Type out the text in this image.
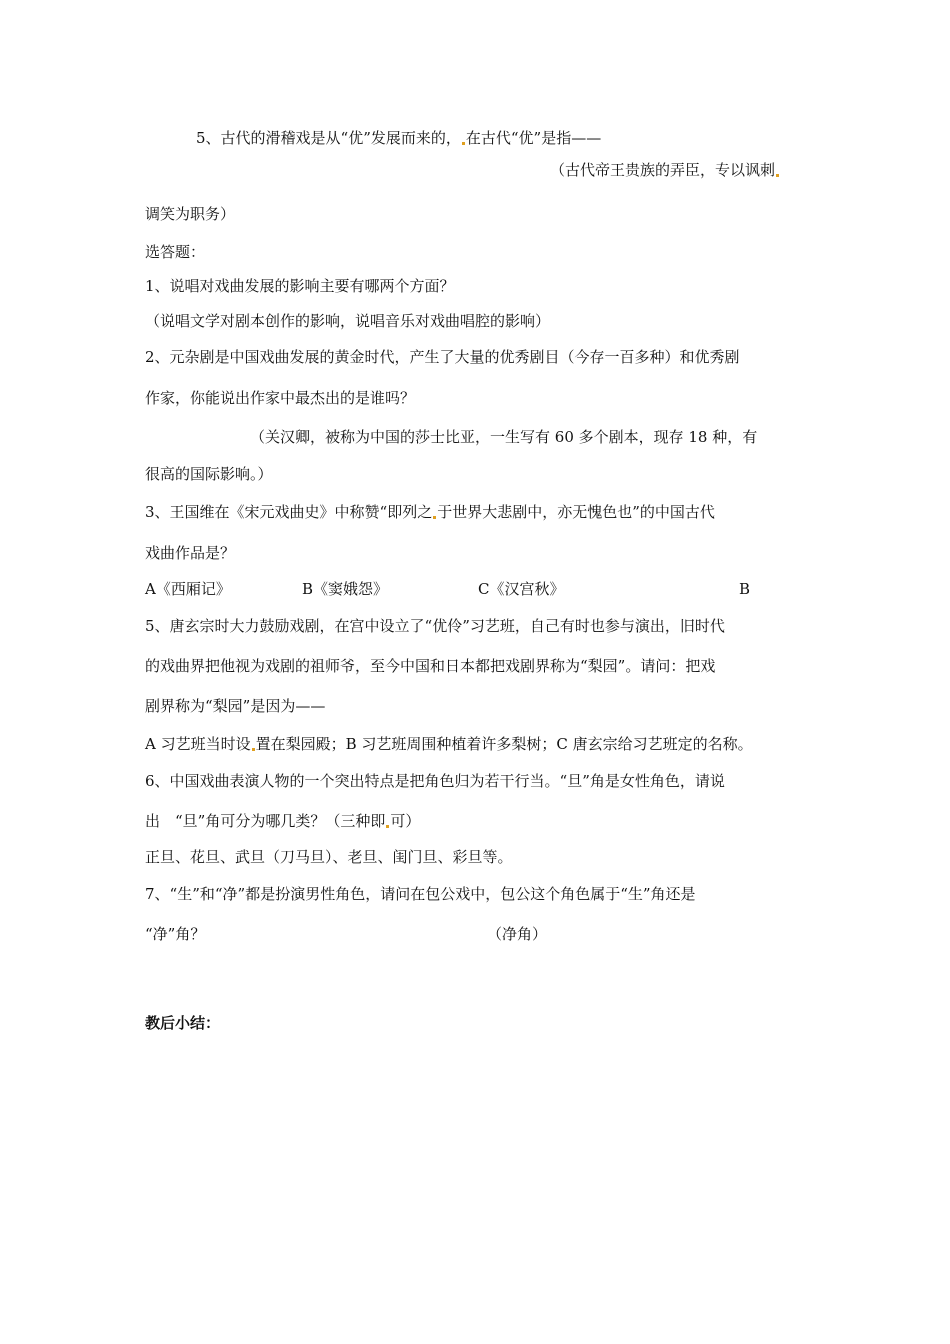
5、古代的滑稽戏是从“优”发展而来的， 在古代“优”是指——
（古代帝王贵族的弄臣，专以讽刺
调笑为职务）
选答题：
1、说唱对戏曲发展的影响主要有哪两个方面？
（说唱文学对剧本创作的影响，说唱音乐对戏曲唱腔的影响）
2、元杂剧是中国戏曲发展的黄金时代，产生了大量的优秀剧目（今存一百多种）和优秀剧
作家，你能说出作家中最杰出的是谁吗？
（关汉卿，被称为中国的莎士比亚，一生写有 60 多个剧本，现存 18 种，有
很高的国际影响。）
3、王国维在《宋元戏曲史》中称赞“即列之 于世界大悲剧中，亦无愧色也”的中国古代
戏曲作品是？
A《西厢记》	B《窦娥怨》	C《汉宫秋》	B
5、唐玄宗时大力鼓励戏剧，在宫中设立了“优伶”习艺班，自己有时也参与演出，旧时代
的戏曲界把他视为戏剧的祖师爷，至今中国和日本都把戏剧界称为“梨园”。请问：把戏
剧界称为“梨园”是因为——
A 习艺班当时设 置在梨园殿；B 习艺班周围种植着许多梨树；C 唐玄宗给习艺班定的名称。
6、中国戏曲表演人物的一个突出特点是把角色归为若干行当。“旦”角是女性角色，请说
出　“旦”角可分为哪几类？（三种即 可）
正旦、花旦、武旦（刀马旦）、老旦、闺门旦、彩旦等。
7、“生”和“净”都是扮演男性角色，请问在包公戏中，包公这个角色属于“生”角还是
“净”角？	（净角）
教后小结：
